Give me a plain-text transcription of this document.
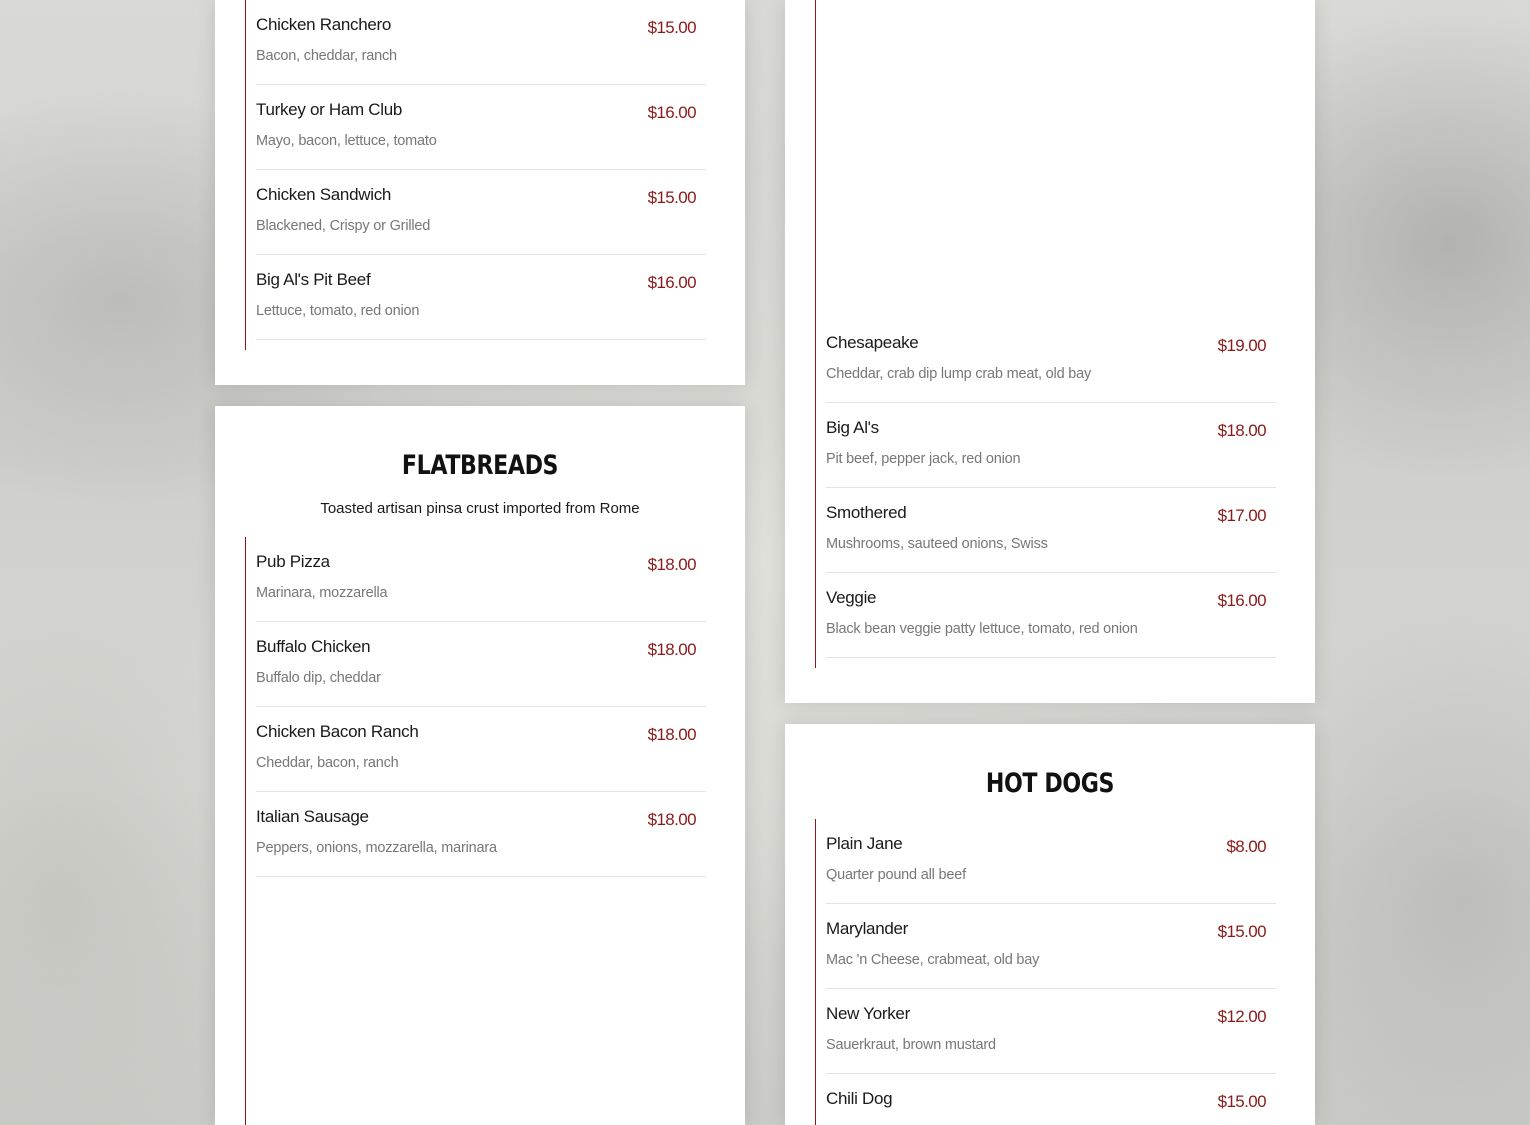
Chicken Ranchero
Bacon, cheddar, ranch
$15.00
Turkey or Ham Club
Mayo, bacon, lettuce, tomato
$16.00
Chicken Sandwich
Blackened, Crispy or Grilled
$15.00
Big Al's Pit Beef
Lettuce, tomato, red onion
$16.00
FLATBREADS

Toasted artisan pinsa crust imported from Rome

Pub Pizza
Marinara, mozzarella
$18.00
Buffalo Chicken
Buffalo dip, cheddar
$18.00
Chicken Bacon Ranch
Cheddar, bacon, ranch
$18.00
Italian Sausage
Peppers, onions, mozzarella, marinara
$18.00
Chesapeake
Cheddar, crab dip lump crab meat, old bay
$19.00
Big Al's
Pit beef, pepper jack, red onion
$18.00
Smothered
Mushrooms, sauteed onions, Swiss
$17.00
Veggie
Black bean veggie patty lettuce, tomato, red onion
$16.00
HOT DOGS
Plain Jane
Quarter pound all beef
$8.00
Marylander
Mac 'n Cheese, crabmeat, old bay
$15.00
New Yorker
Sauerkraut, brown mustard
$12.00
Chili Dog	$15.00
